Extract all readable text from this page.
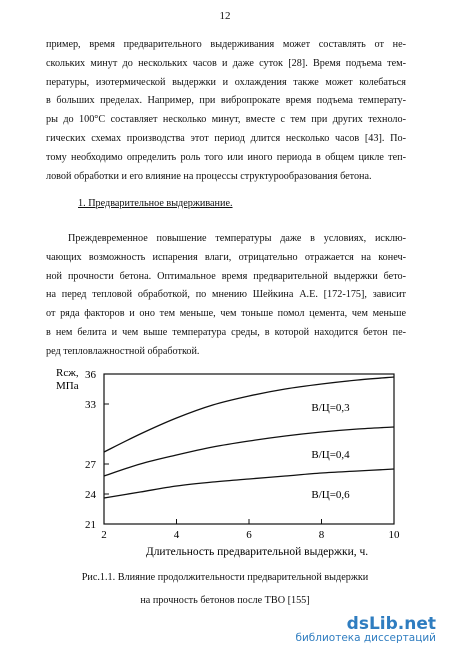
12
пример, время предварительного выдерживания может составлять от не-
скольких минут до нескольких часов и даже суток [28]. Время подъема тем-
пературы, изотермической выдержки и охлаждения также может колебаться
в больших пределах. Например, при вибропрокате время подъема температу-
ры до 100°С составляет несколько минут, вместе с тем при других техноло-
гических схемах производства этот период длится несколько часов [43]. По-
тому необходимо определить роль того или иного периода в общем цикле теп-
ловой обработки и его влияние на процессы структурообразования бетона.
1. Предварительное выдерживание.
Преждевременное повышение температуры даже в условиях, исклю-
чающих возможность испарения влаги, отрицательно отражается на конеч-
ной прочности бетона. Оптимальное время предварительной выдержки бето-
на перед тепловой обработкой, по мнению Шейкина А.Е. [172-175], зависит
от ряда факторов и оно тем меньше, чем тоньше помол цемента, чем меньше
в нем белита и чем выше температура среды, в которой находится бетон пе-
ред тепловлажностной обработкой.
2	4	6	8	10
36
33
27
24
21
Rсж,
МПа
Длительность предварительной выдержки, ч.
В/Ц=0,3
В/Ц=0,4
В/Ц=0,6
Рис.1.1. Влияние продолжительности предварительной выдержки
на прочность бетонов после ТВО [155]
dsLib.net
библиотека диссертаций
